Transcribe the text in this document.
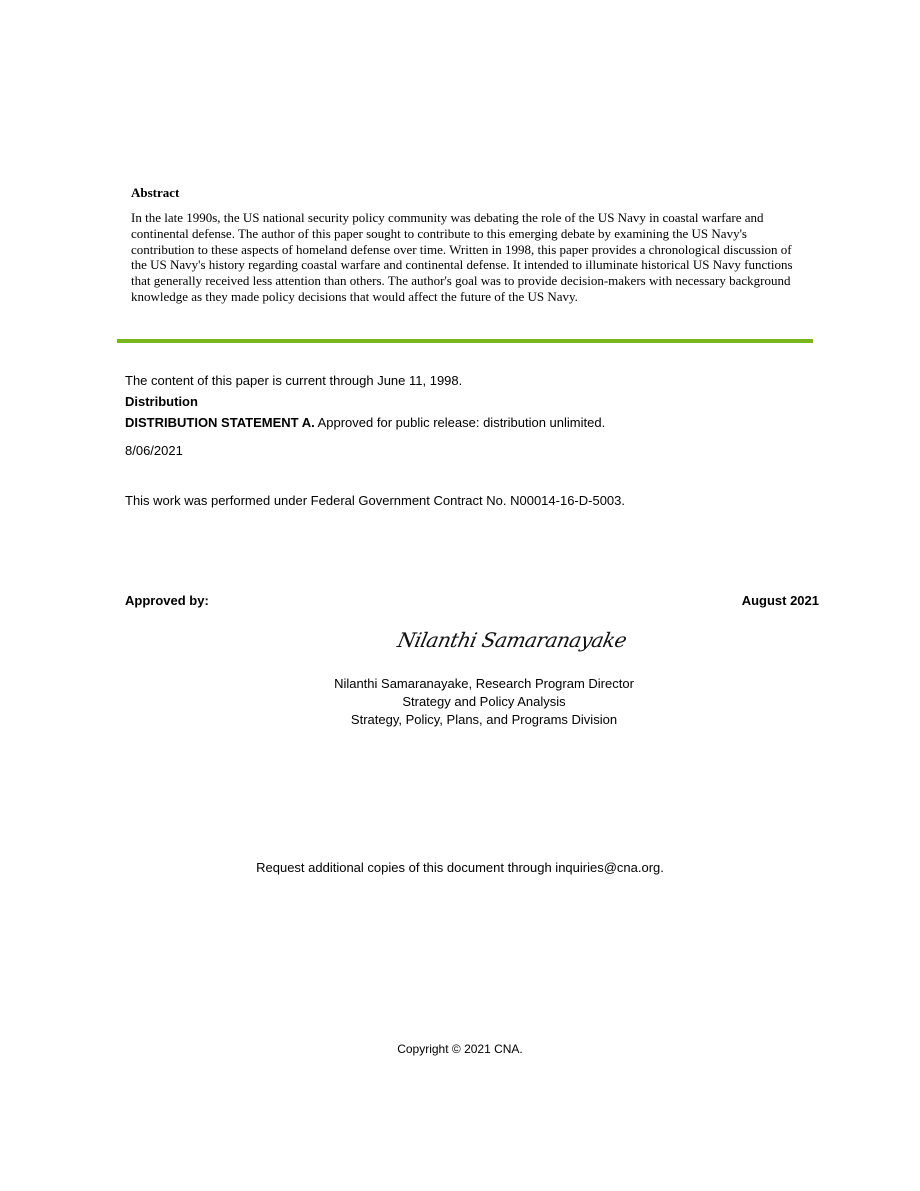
Abstract

In the late 1990s, the US national security policy community was debating the role of the US Navy in coastal warfare and continental defense. The author of this paper sought to contribute to this emerging debate by examining the US Navy's contribution to these aspects of homeland defense over time. Written in 1998, this paper provides a chronological discussion of the US Navy's history regarding coastal warfare and continental defense. It intended to illuminate historical US Navy functions that generally received less attention than others. The author's goal was to provide decision-makers with necessary background knowledge as they made policy decisions that would affect the future of the US Navy.

The content of this paper is current through June 11, 1998.
Distribution
DISTRIBUTION STATEMENT A. Approved for public release: distribution unlimited.
8/06/2021
This work was performed under Federal Government Contract No. N00014-16-D-5003.
Approved by:	August 2021
Nilanthi Samaranayake
Nilanthi Samaranayake, Research Program Director
Strategy and Policy Analysis
Strategy, Policy, Plans, and Programs Division
Request additional copies of this document through inquiries@cna.org.
Copyright © 2021 CNA.
